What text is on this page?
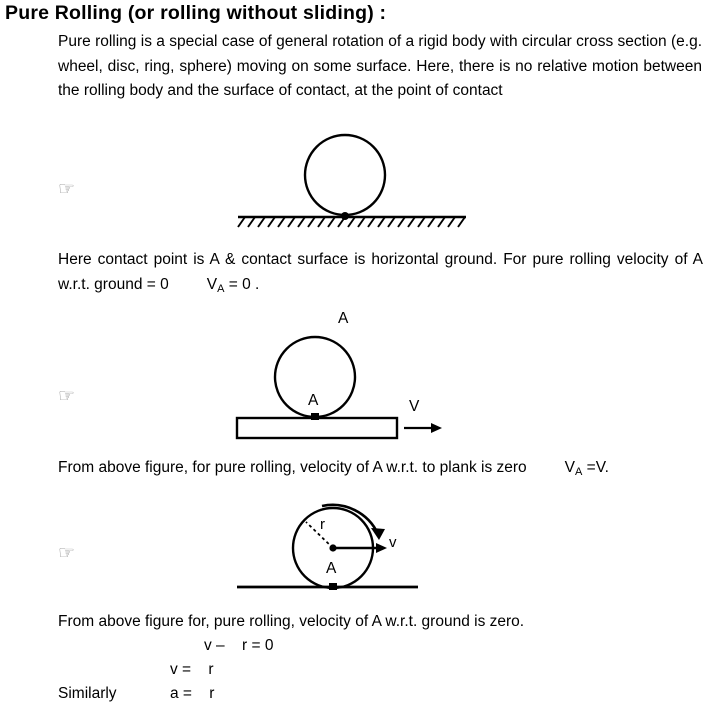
Pure Rolling (or rolling without sliding) :
Pure rolling is a special case of general rotation of a rigid body with circular cross section (e.g. wheel, disc, ring, sphere) moving on some surface. Here, there is no relative motion between the rolling body and the surface of contact, at the point of contact
☞
A
Here contact point is A & contact surface is horizontal ground. For pure rolling velocity of A w.r.t. ground = 0 $V_A = 0$ .
☞	A	V
From above figure, for pure rolling, velocity of A w.r.t. to plank is zero $V_A =V$.
☞
r
v
A
From above figure for, pure rolling, velocity of A w.r.t. ground is zero.
v – r = 0
v = r
Similarly	a = r
